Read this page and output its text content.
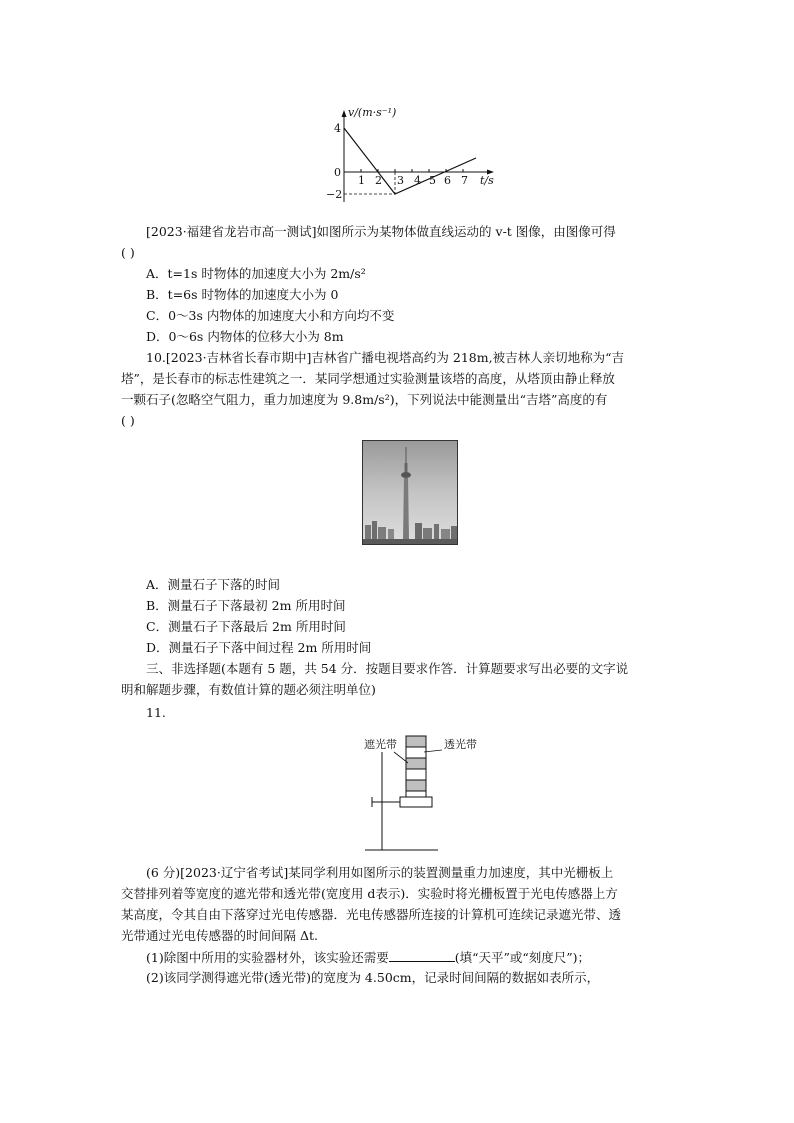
v/(m·s⁻¹)
4
0
−2
1 2 3 4 5 6 7 t/s
[2023·福建省龙岩市高一测试]如图所示为某物体做直线运动的 v-t 图像，由图像可得
( )
A．t=1s 时物体的加速度大小为 2m/s²
B．t=6s 时物体的加速度大小为 0
C．0～3s 内物体的加速度大小和方向均不变
D．0～6s 内物体的位移大小为 8m
10.[2023·吉林省长春市期中]吉林省广播电视塔高约为 218m,被吉林人亲切地称为“吉
塔”，是长春市的标志性建筑之一．某同学想通过实验测量该塔的高度，从塔顶由静止释放
一颗石子(忽略空气阻力，重力加速度为 9.8m/s²)，下列说法中能测量出“吉塔”高度的有
( )
A．测量石子下落的时间
B．测量石子下落最初 2m 所用时间
C．测量石子下落最后 2m 所用时间
D．测量石子下落中间过程 2m 所用时间
三、非选择题(本题有 5 题，共 54 分．按题目要求作答．计算题要求写出必要的文字说
明和解题步骤，有数值计算的题必须注明单位)
11.
遮光带	透光带
(6 分)[2023·辽宁省考试]某同学利用如图所示的装置测量重力加速度，其中光栅板上
交替排列着等宽度的遮光带和透光带(宽度用 d表示)．实验时将光栅板置于光电传感器上方
某高度，令其自由下落穿过光电传感器．光电传感器所连接的计算机可连续记录遮光带、透
光带通过光电传感器的时间间隔 Δt.
(1)除图中所用的实验器材外，该实验还需要	(填“天平”或“刻度尺”)；
(2)该同学测得遮光带(透光带)的宽度为 4.50cm，记录时间间隔的数据如表所示，
